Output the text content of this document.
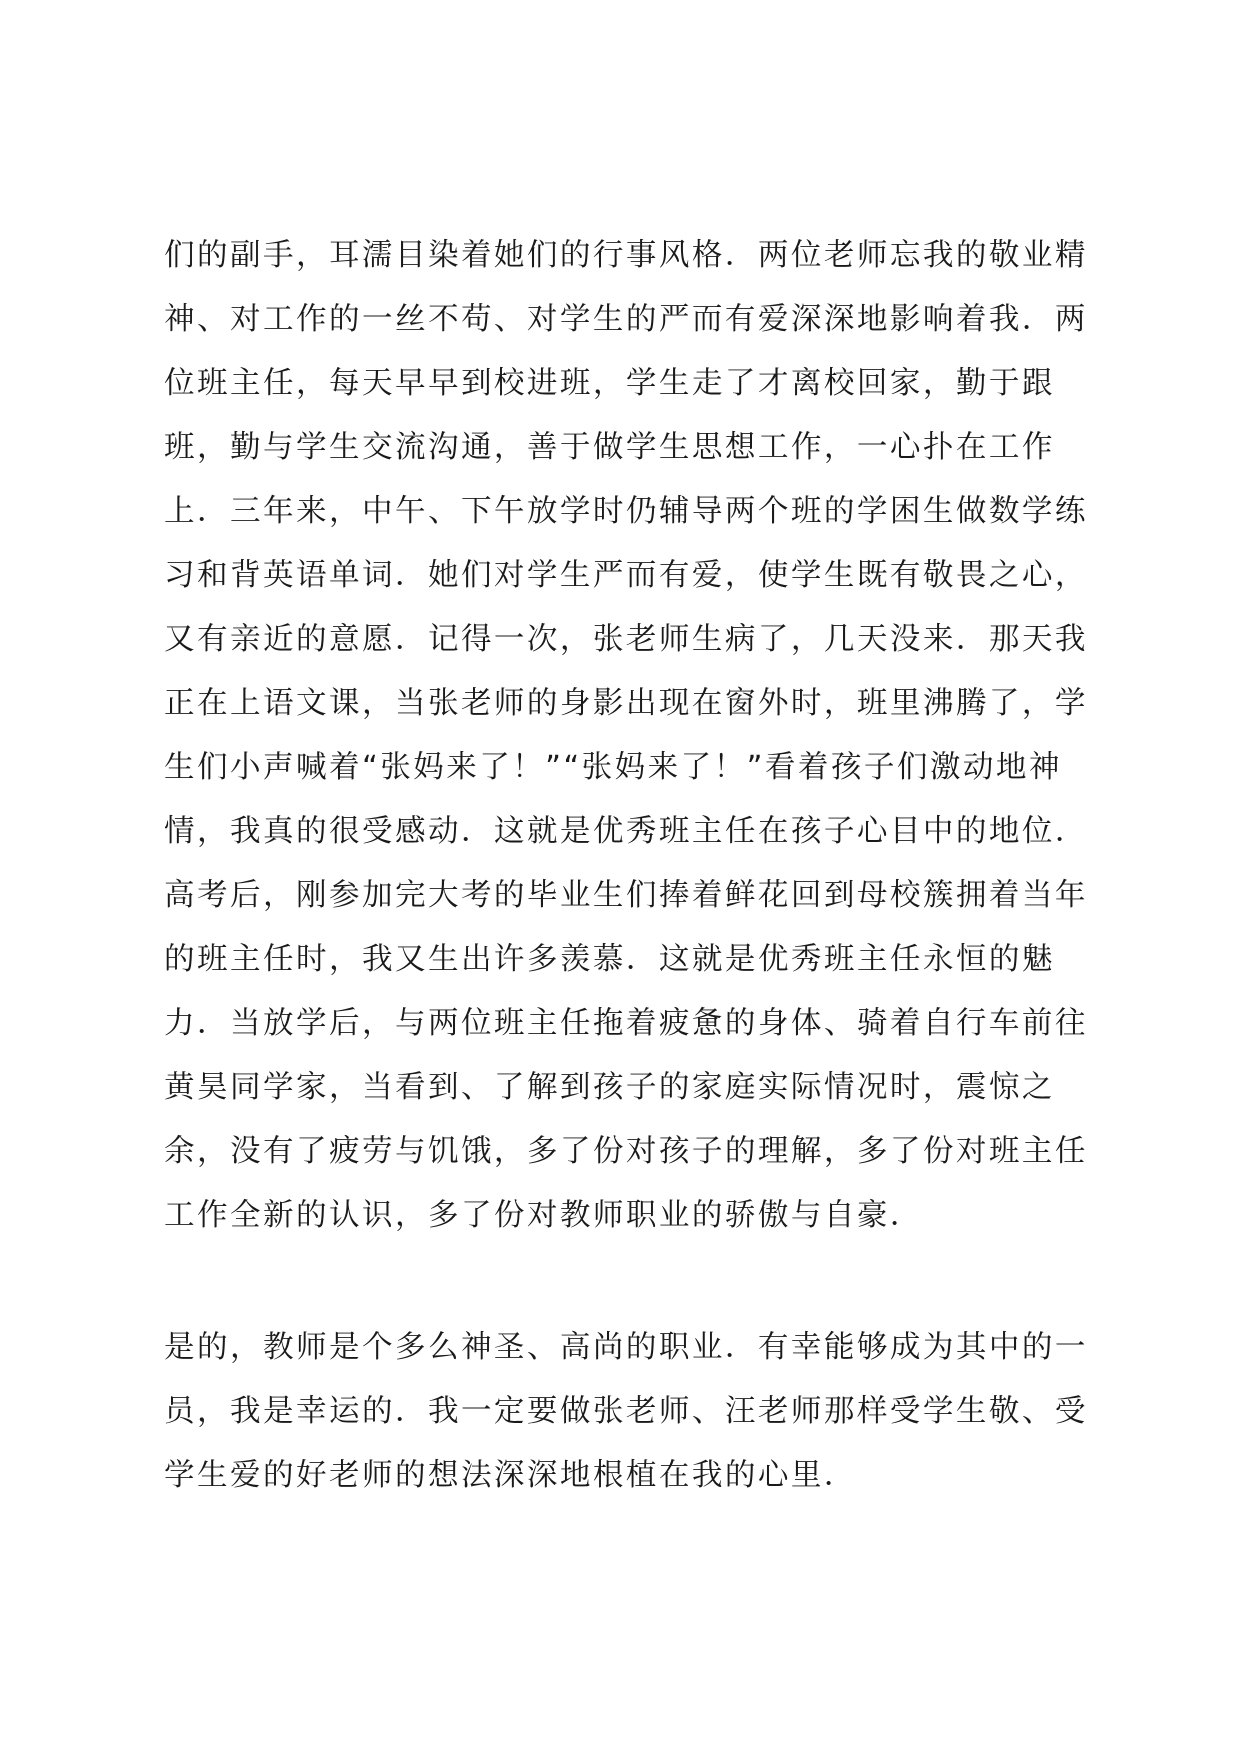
们的副手，耳濡目染着她们的行事风格．两位老师忘我的敬业精
神、对工作的一丝不苟、对学生的严而有爱深深地影响着我．两
位班主任，每天早早到校进班，学生走了才离校回家，勤于跟
班，勤与学生交流沟通，善于做学生思想工作，一心扑在工作
上．三年来，中午、下午放学时仍辅导两个班的学困生做数学练
习和背英语单词．她们对学生严而有爱，使学生既有敬畏之心，
又有亲近的意愿．记得一次，张老师生病了，几天没来．那天我
正在上语文课，当张老师的身影出现在窗外时，班里沸腾了，学
生们小声喊着“张妈来了！”“张妈来了！”看着孩子们激动地神
情，我真的很受感动．这就是优秀班主任在孩子心目中的地位．
高考后，刚参加完大考的毕业生们捧着鲜花回到母校簇拥着当年
的班主任时，我又生出许多羡慕．这就是优秀班主任永恒的魅
力．当放学后，与两位班主任拖着疲惫的身体、骑着自行车前往
黄昊同学家，当看到、了解到孩子的家庭实际情况时，震惊之
余，没有了疲劳与饥饿，多了份对孩子的理解，多了份对班主任
工作全新的认识，多了份对教师职业的骄傲与自豪．
是的，教师是个多么神圣、高尚的职业．有幸能够成为其中的一
员，我是幸运的．我一定要做张老师、汪老师那样受学生敬、受
学生爱的好老师的想法深深地根植在我的心里．
